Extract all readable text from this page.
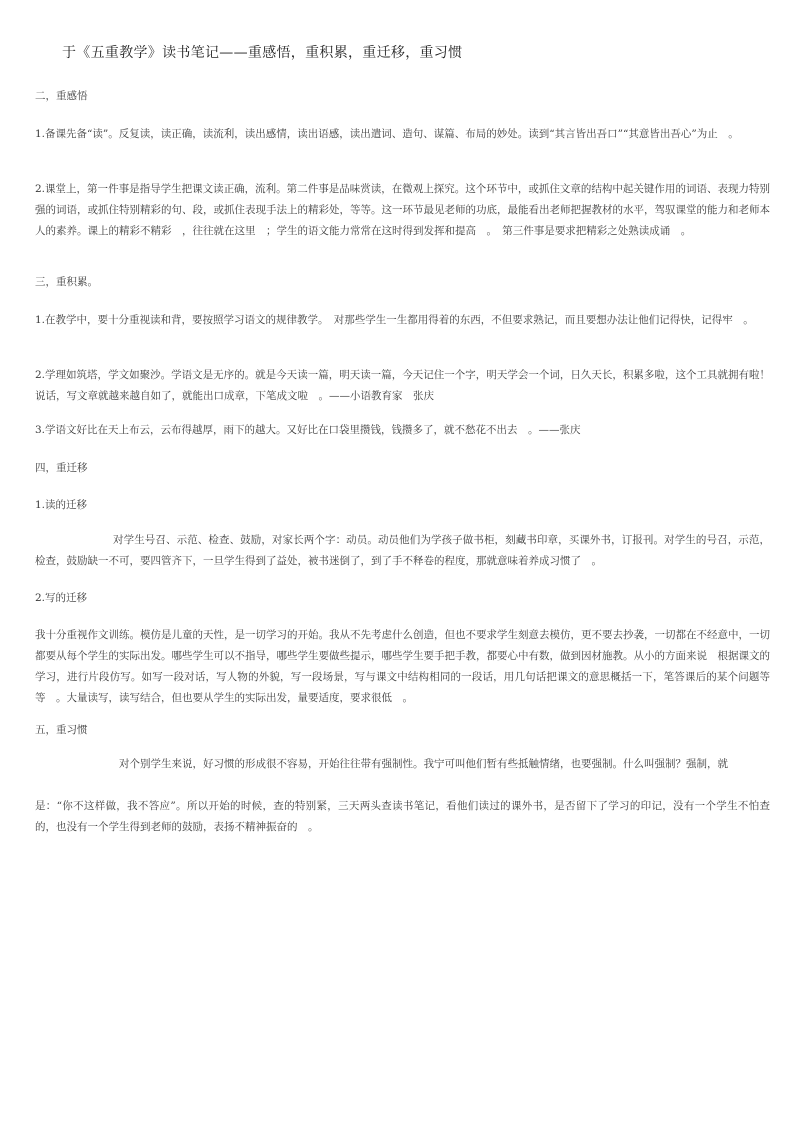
于《五重教学》读书笔记——重感悟，重积累，重迁移，重习惯
二，重感悟
1.备课先备“读”。反复读，读正确，读流利，读出感情，读出语感，读出遣词、造句、谋篇、布局的妙处。读到“其言皆出吾口”“其意皆出吾心”为止　。
2.课堂上，第一件事是指导学生把课文读正确，流利。第二件事是品味赏读，在微观上探究。这个环节中，或抓住文章的结构中起关键作用的词语、表现力特别强的词语，或抓住特别精彩的句、段，或抓住表现手法上的精彩处，等等。这一环节最见老师的功底，最能看出老师把握教材的水平，驾驭课堂的能力和老师本人的素养。课上的精彩不精彩　，往往就在这里　；学生的语文能力常常在这时得到发挥和提高　。　第三件事是要求把精彩之处熟读成诵　。
三，重积累。
1.在教学中，要十分重视读和背，要按照学习语文的规律教学。　对那些学生一生都用得着的东西，不但要求熟记，而且要想办法让他们记得快，记得牢　。
2.学理如筑塔，学文如聚沙。学语文是无序的。就是今天读一篇，明天读一篇，今天记住一个字，明天学会一个词，日久天长，积累多啦，这个工具就拥有啦！说话，写文章就越来越自如了，就能出口成章，下笔成文啦　。——小语教育家　张庆
3.学语文好比在天上布云，云布得越厚，雨下的越大。又好比在口袋里攒钱，钱攒多了，就不愁花不出去　。——张庆
四，重迁移
1.读的迁移
对学生号召、示范、检查、鼓励，对家长两个字：动员。动员他们为学孩子做书柜，刻藏书印章，买课外书，订报刊。对学生的号召，示范，检查，鼓励缺一不可，要四管齐下，一旦学生得到了益处，被书迷倒了，到了手不释卷的程度，那就意味着养成习惯了　。
2.写的迁移
我十分重视作文训练。模仿是儿童的天性，是一切学习的开始。我从不先考虑什么创造，但也不要求学生刻意去模仿，更不要去抄袭，一切都在不经意中，一切都要从每个学生的实际出发。哪些学生可以不指导，哪些学生要做些提示，哪些学生要手把手教，都要心中有数，做到因材施教。从小的方面来说　根据课文的学习，进行片段仿写。如写一段对话，写人物的外貌，写一段场景，写与课文中结构相同的一段话，用几句话把课文的意思概括一下，笔答课后的某个问题等等　。大量读写，读写结合，但也要从学生的实际出发，量要适度，要求很低　。
五，重习惯
对个别学生来说，好习惯的形成很不容易，开始往往带有强制性。我宁可叫他们暂有些抵触情绪，也要强制。什么叫强制？强制，就
是：“你不这样做，我不答应”。所以开始的时候，查的特别紧，三天两头查读书笔记，看他们读过的课外书，是否留下了学习的印记，没有一个学生不怕查的，也没有一个学生得到老师的鼓励，表扬不精神振奋的　。
